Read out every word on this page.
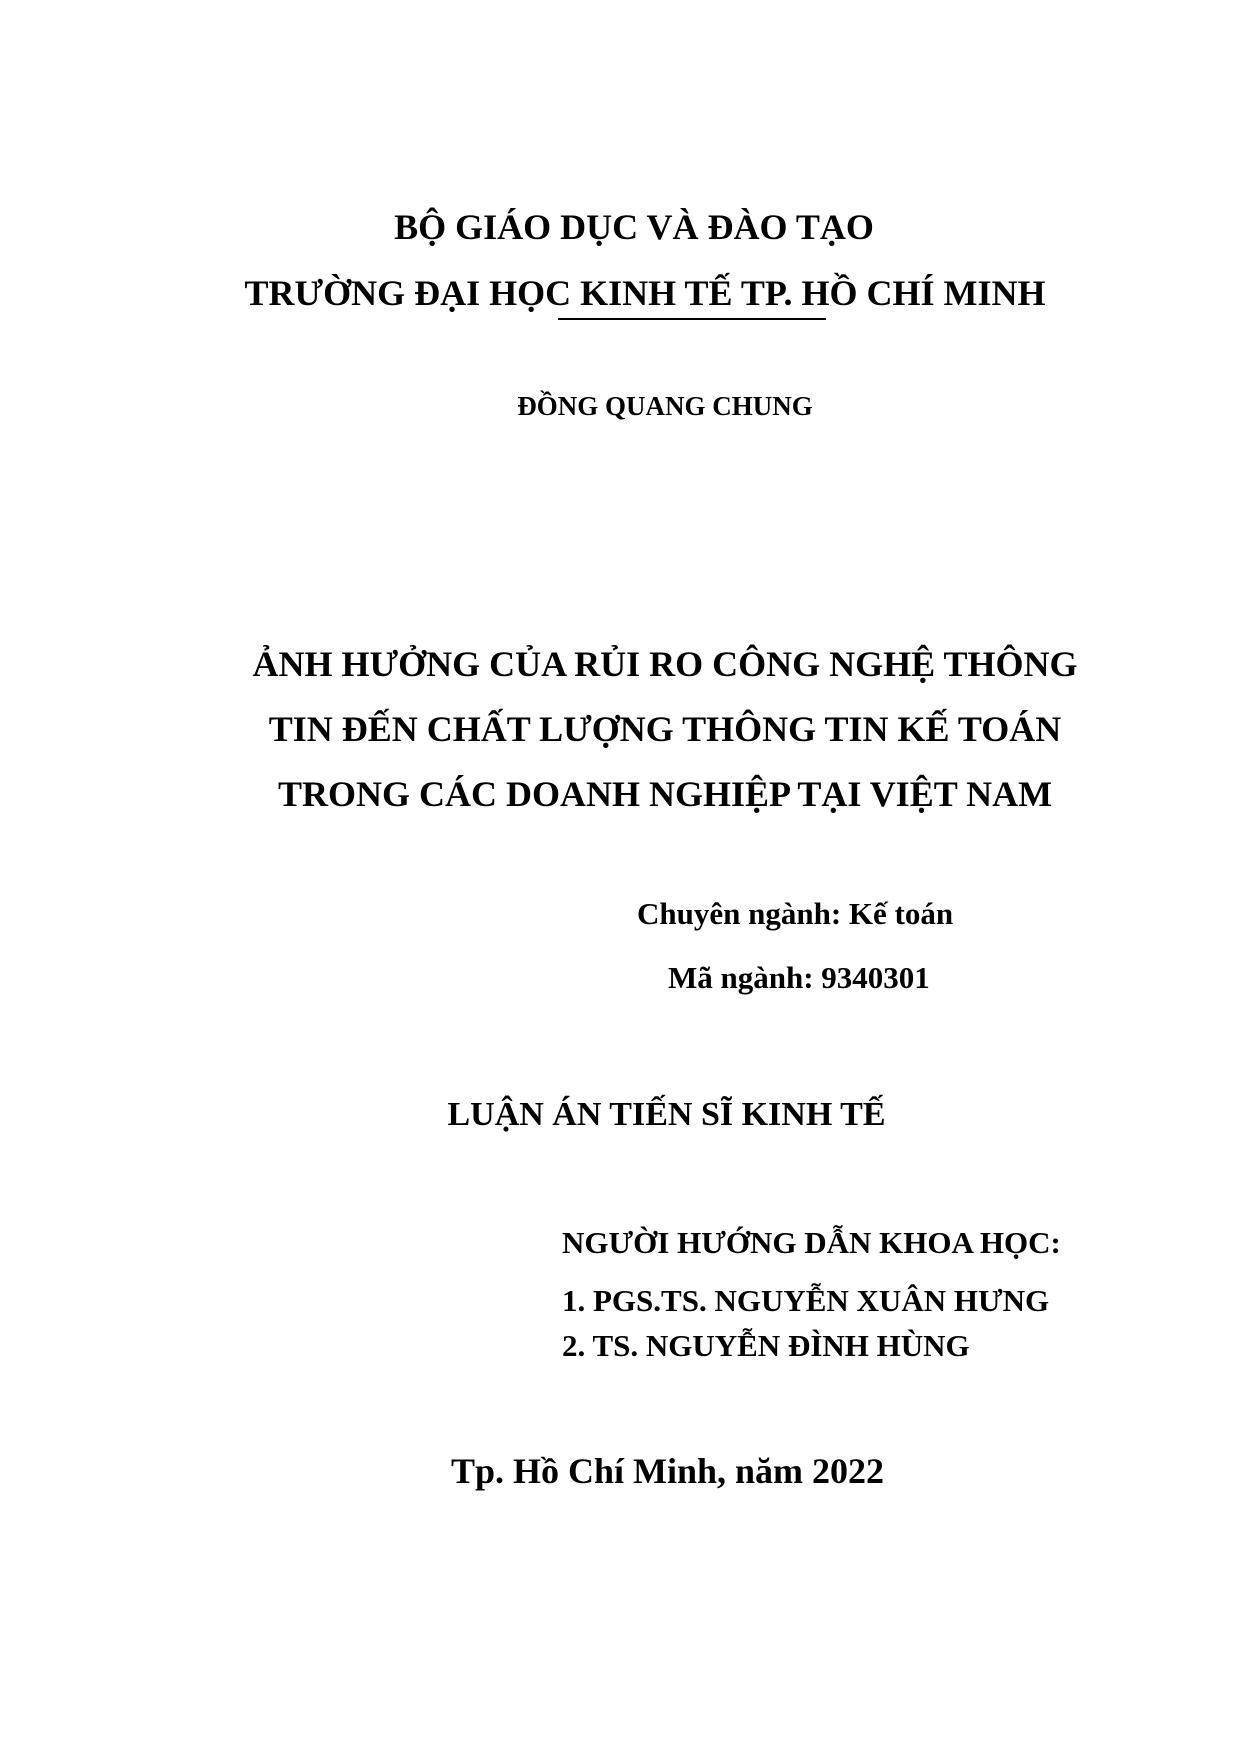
BỘ GIÁO DỤC VÀ ĐÀO TẠO
TRƯỜNG ĐẠI HỌC KINH TẾ TP. HỒ CHÍ MINH
ĐỒNG QUANG CHUNG
ẢNH HƯỞNG CỦA RỦI RO CÔNG NGHỆ THÔNG
TIN ĐẾN CHẤT LƯỢNG THÔNG TIN KẾ TOÁN
TRONG CÁC DOANH NGHIỆP TẠI VIỆT NAM
Chuyên ngành: Kế toán
Mã ngành: 9340301
LUẬN ÁN TIẾN SĨ KINH TẾ
NGƯỜI HƯỚNG DẪN KHOA HỌC:
1. PGS.TS. NGUYỄN XUÂN HƯNG
2. TS. NGUYỄN ĐÌNH HÙNG
Tp. Hồ Chí Minh, năm 2022
